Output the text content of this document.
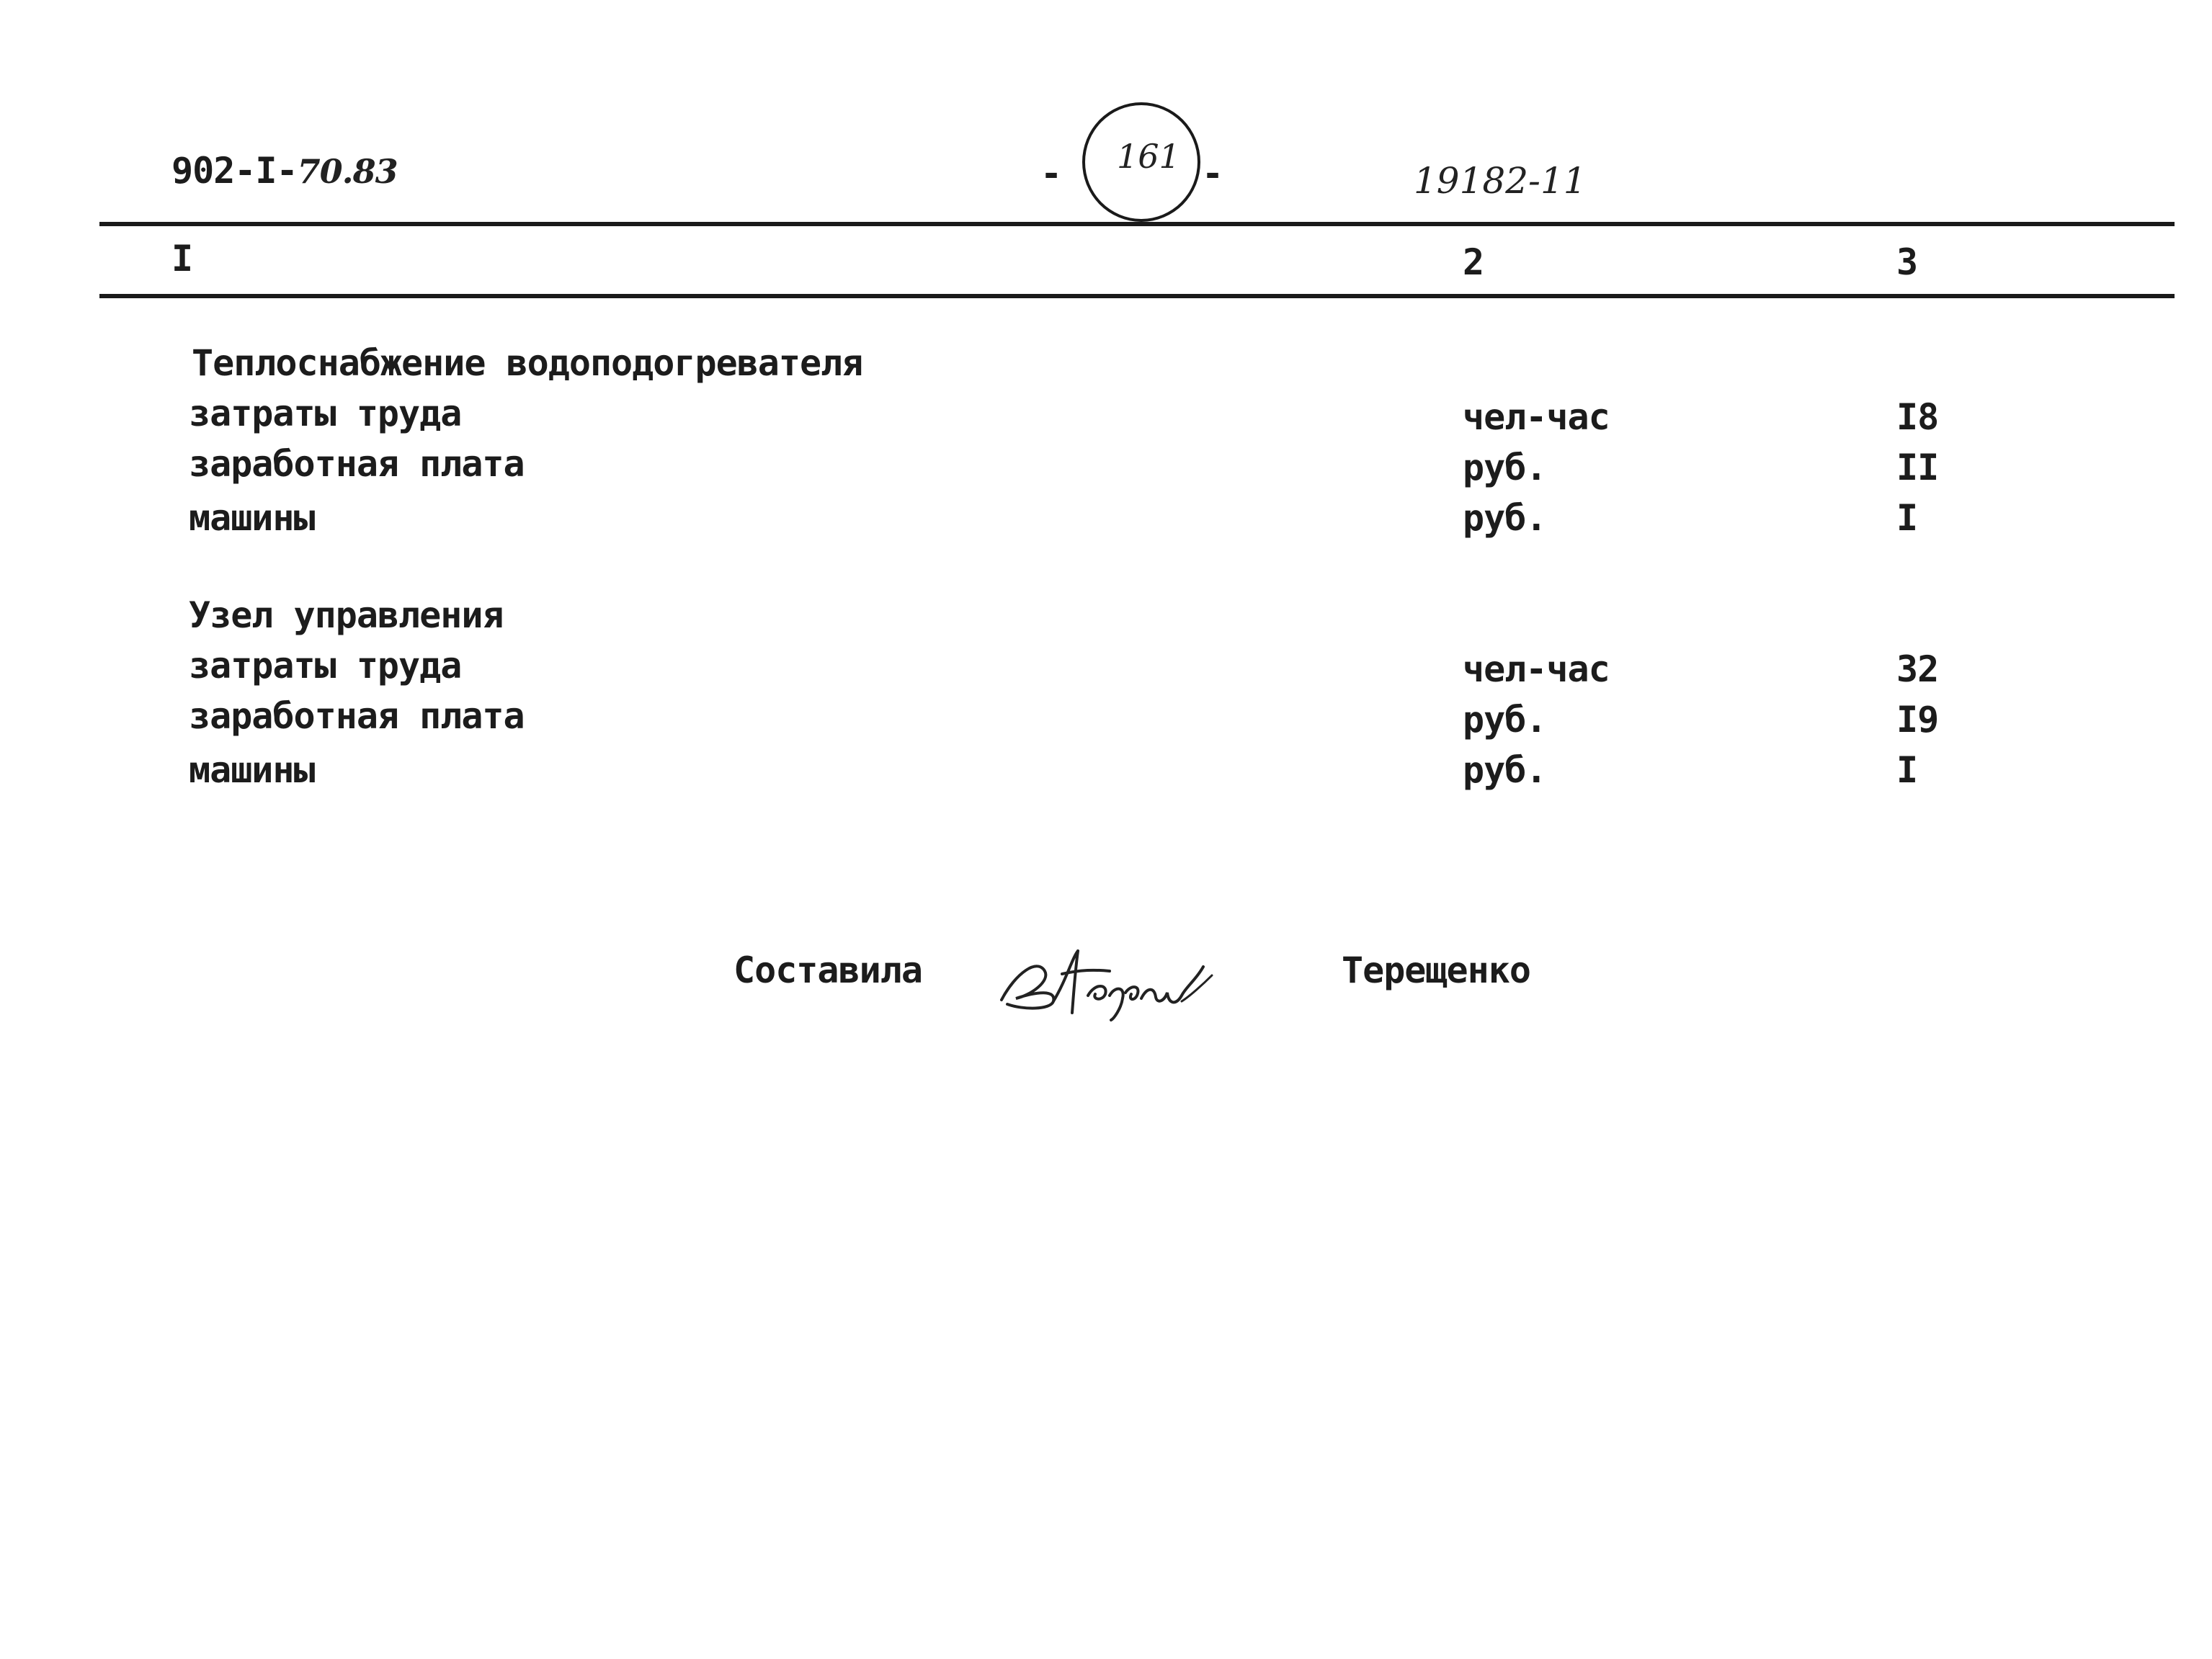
902-I-70.83	- 161 -	19182-11
I	2	3
Теплоснабжение водоподогревателя
затраты труда	чел-час	I8
заработная плата	руб.	II
машины	руб.	I
Узел управления
затраты труда	чел-час	32
заработная плата	руб.	I9
машины	руб.	I
Составила	Терещенко
